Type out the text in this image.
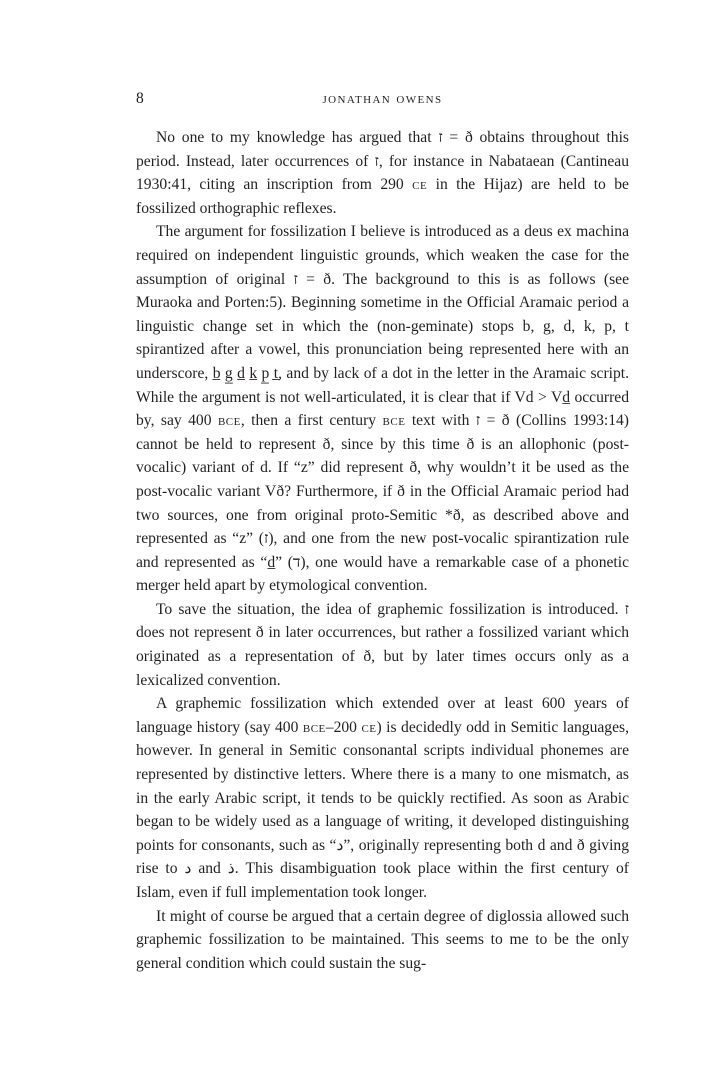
8	jonathan owens

No one to my knowledge has argued that ז = ð obtains throughout this period. Instead, later occurrences of ז, for instance in Nabataean (Cantineau 1930:41, citing an inscription from 290 ce in the Hijaz) are held to be fossilized orthographic reflexes.

The argument for fossilization I believe is introduced as a deus ex machina required on independent linguistic grounds, which weaken the case for the assumption of original ז = ð. The background to this is as follows (see Muraoka and Porten:5). Beginning sometime in the Official Aramaic period a linguistic change set in which the (non-geminate) stops b, g, d, k, p, t spirantized after a vowel, this pronunciation being represented here with an underscore, b̲ g̲ d̲ k̲ p̲ t̲, and by lack of a dot in the letter in the Aramaic script. While the argument is not well-articulated, it is clear that if Vd > Vd̲ occurred by, say 400 bce, then a first century bce text with ז = ð (Collins 1993:14) cannot be held to represent ð, since by this time ð is an allophonic (post-vocalic) variant of d. If “z” did represent ð, why wouldn’t it be used as the post-vocalic variant Vð? Furthermore, if ð in the Official Aramaic period had two sources, one from original proto-Semitic *ð, as described above and represented as “z” (ז), and one from the new post-vocalic spirantization rule and represented as “d̲” (ד), one would have a remarkable case of a phonetic merger held apart by etymological convention.

To save the situation, the idea of graphemic fossilization is introduced. ז does not represent ð in later occurrences, but rather a fossilized variant which originated as a representation of ð, but by later times occurs only as a lexicalized convention.

A graphemic fossilization which extended over at least 600 years of language history (say 400 bce–200 ce) is decidedly odd in Semitic languages, however. In general in Semitic consonantal scripts individual phonemes are represented by distinctive letters. Where there is a many to one mismatch, as in the early Arabic script, it tends to be quickly rectified. As soon as Arabic began to be widely used as a language of writing, it developed distinguishing points for consonants, such as “د”, originally representing both d and ð giving rise to د and ذ. This disambiguation took place within the first century of Islam, even if full implementation took longer.

It might of course be argued that a certain degree of diglossia allowed such graphemic fossilization to be maintained. This seems to me to be the only general condition which could sustain the sug-
